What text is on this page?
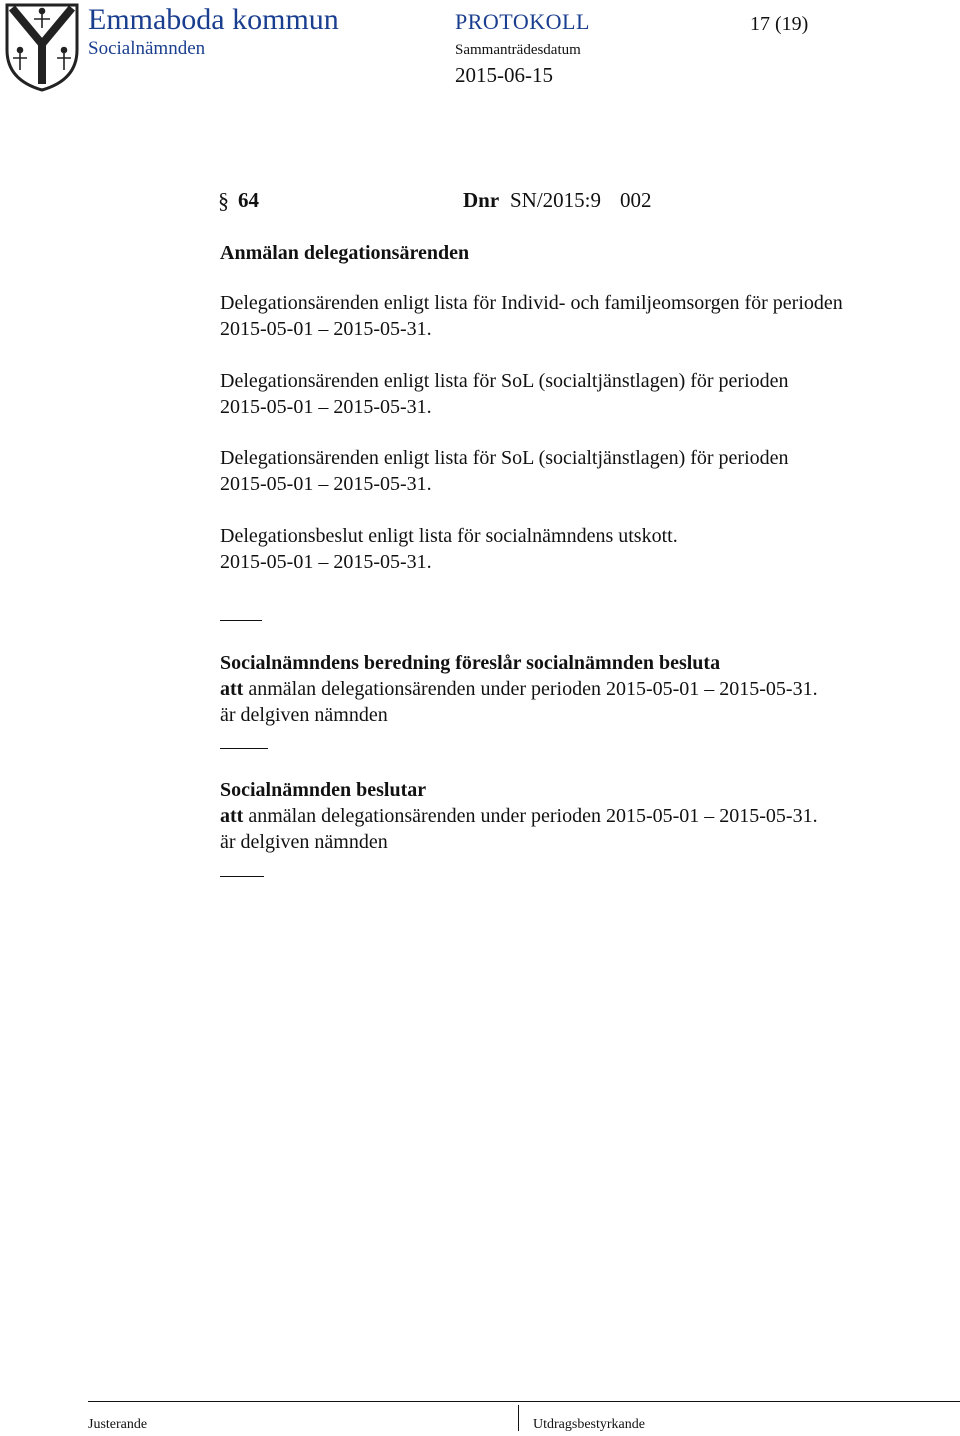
Emmaboda kommun
Socialnämnden
PROTOKOLL	17 (19)
Sammanträdesdatum
2015-06-15
§ 64	Dnr SN/2015:9 002
Anmälan delegationsärenden
Delegationsärenden enligt lista för Individ- och familjeomsorgen för perioden
2015-05-01 – 2015-05-31.
Delegationsärenden enligt lista för SoL (socialtjänstlagen) för perioden
2015-05-01 – 2015-05-31.
Delegationsärenden enligt lista för SoL (socialtjänstlagen) för perioden
2015-05-01 – 2015-05-31.
Delegationsbeslut enligt lista för socialnämndens utskott.
2015-05-01 – 2015-05-31.
Socialnämndens beredning föreslår socialnämnden besluta
att anmälan delegationsärenden under perioden 2015-05-01 – 2015-05-31.
är delgiven nämnden
Socialnämnden beslutar
att anmälan delegationsärenden under perioden 2015-05-01 – 2015-05-31.
är delgiven nämnden
Justerande	Utdragsbestyrkande
